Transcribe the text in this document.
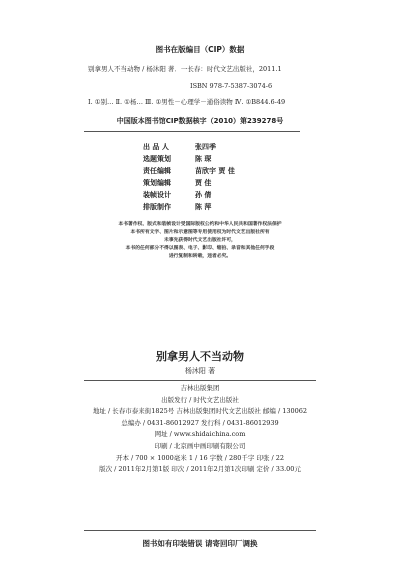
图书在版编目（CIP）数据
别拿男人不当动物 / 杨沐阳 著．一长春：时代文艺出版社，2011.1
ISBN 978-7-5387-3074-6
Ⅰ. ①别… Ⅱ. ①杨… Ⅲ. ①男性－心理学－通俗读物 Ⅳ. ①B844.6-49
中国版本图书馆CIP数据核字（2010）第239278号
出 品 人	张四季
选题策划	陈 琛
责任编辑	苗欣宇 贾 佳
策划编辑	贾 佳
装帧设计	孙 倩
排版制作	陈 萍
本书著作权、版式和装帧设计受国际版权公约和中华人民共和国著作权法保护
本书所有文字、图片和示意图等专用使用权为时代文艺出版社所有
未事先获得时代文艺出版社许可，
本书的任何部分不得以图表、电子、影印、缩拍、录音和其他任何手段
进行复制和转载，违者必究。
别拿男人不当动物
杨沐阳 著
吉林出版集团
出版发行 / 时代文艺出版社
地址 / 长春市泰来街1825号 吉林出版集团时代文艺出版社 邮编 / 130062
总编办 / 0431-86012927 发行科 / 0431-86012939
网址 / www.shidaichina.com
印刷 / 北京画中画印刷有限公司
开本 / 700 × 1000毫米 1 / 16 字数 / 280千字 印张 / 22
版次 / 2011年2月第1版 印次 / 2011年2月第1次印刷 定价 / 33.00元
图书如有印装错误 请寄回印厂调换
